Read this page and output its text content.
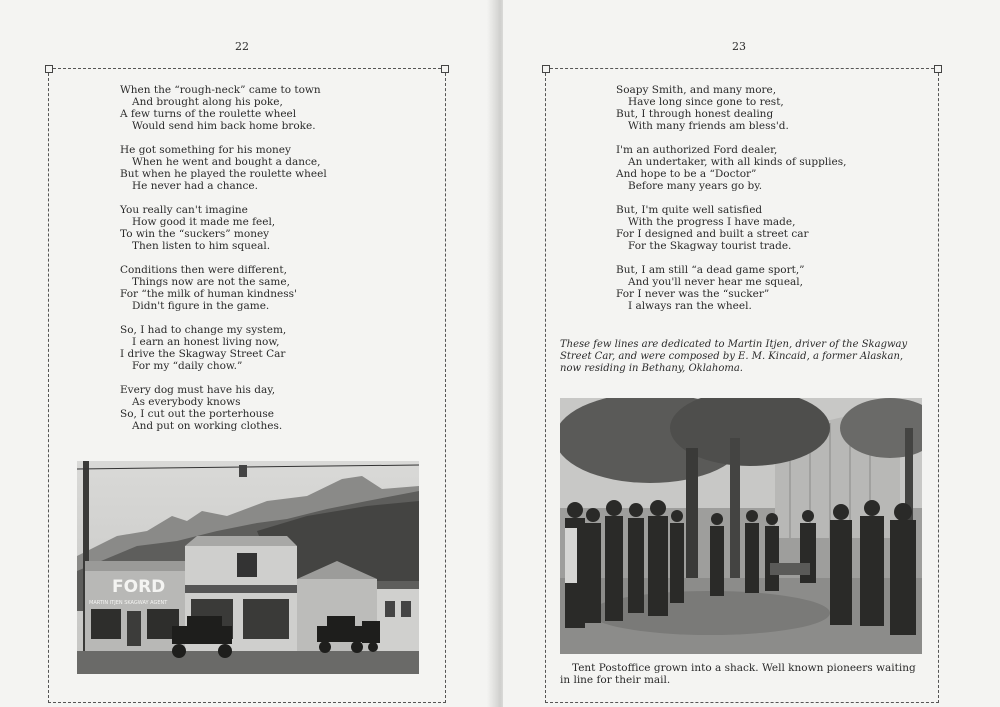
22
When the “rough-neck” came to town
And brought along his poke,
A few turns of the roulette wheel
Would send him back home broke.
He got something for his money
When he went and bought a dance,
But when he played the roulette wheel
He never had a chance.
You really can't imagine
How good it made me feel,
To win the “suckers” money
Then listen to him squeal.
Conditions then were different,
Things now are not the same,
For “the milk of human kindness'
Didn't figure in the game.
So, I had to change my system,
I earn an honest living now,
I drive the Skagway Street Car
For my “daily chow.”
Every dog must have his day,
As everybody knows
So, I cut out the porterhouse
And put on working clothes.
FORD
MARTIN ITJEN SKAGWAY AGENT
23
Soapy Smith, and many more,
Have long since gone to rest,
But, I through honest dealing
With many friends am bless'd.
I'm an authorized Ford dealer,
An undertaker, with all kinds of supplies,
And hope to be a “Doctor”
Before many years go by.
But, I'm quite well satisfied
With the progress I have made,
For I designed and built a street car
For the Skagway tourist trade.
But, I am still “a dead game sport,”
And you'll never hear me squeal,
For I never was the “sucker”
I always ran the wheel.
These few lines are dedicated to Martin Itjen, driver of the Skagway
Street Car, and were composed by E. M. Kincaid, a former Alaskan,
now residing in Bethany, Oklahoma.
Tent Postoffice grown into a shack. Well known pioneers waiting
in line for their mail.
